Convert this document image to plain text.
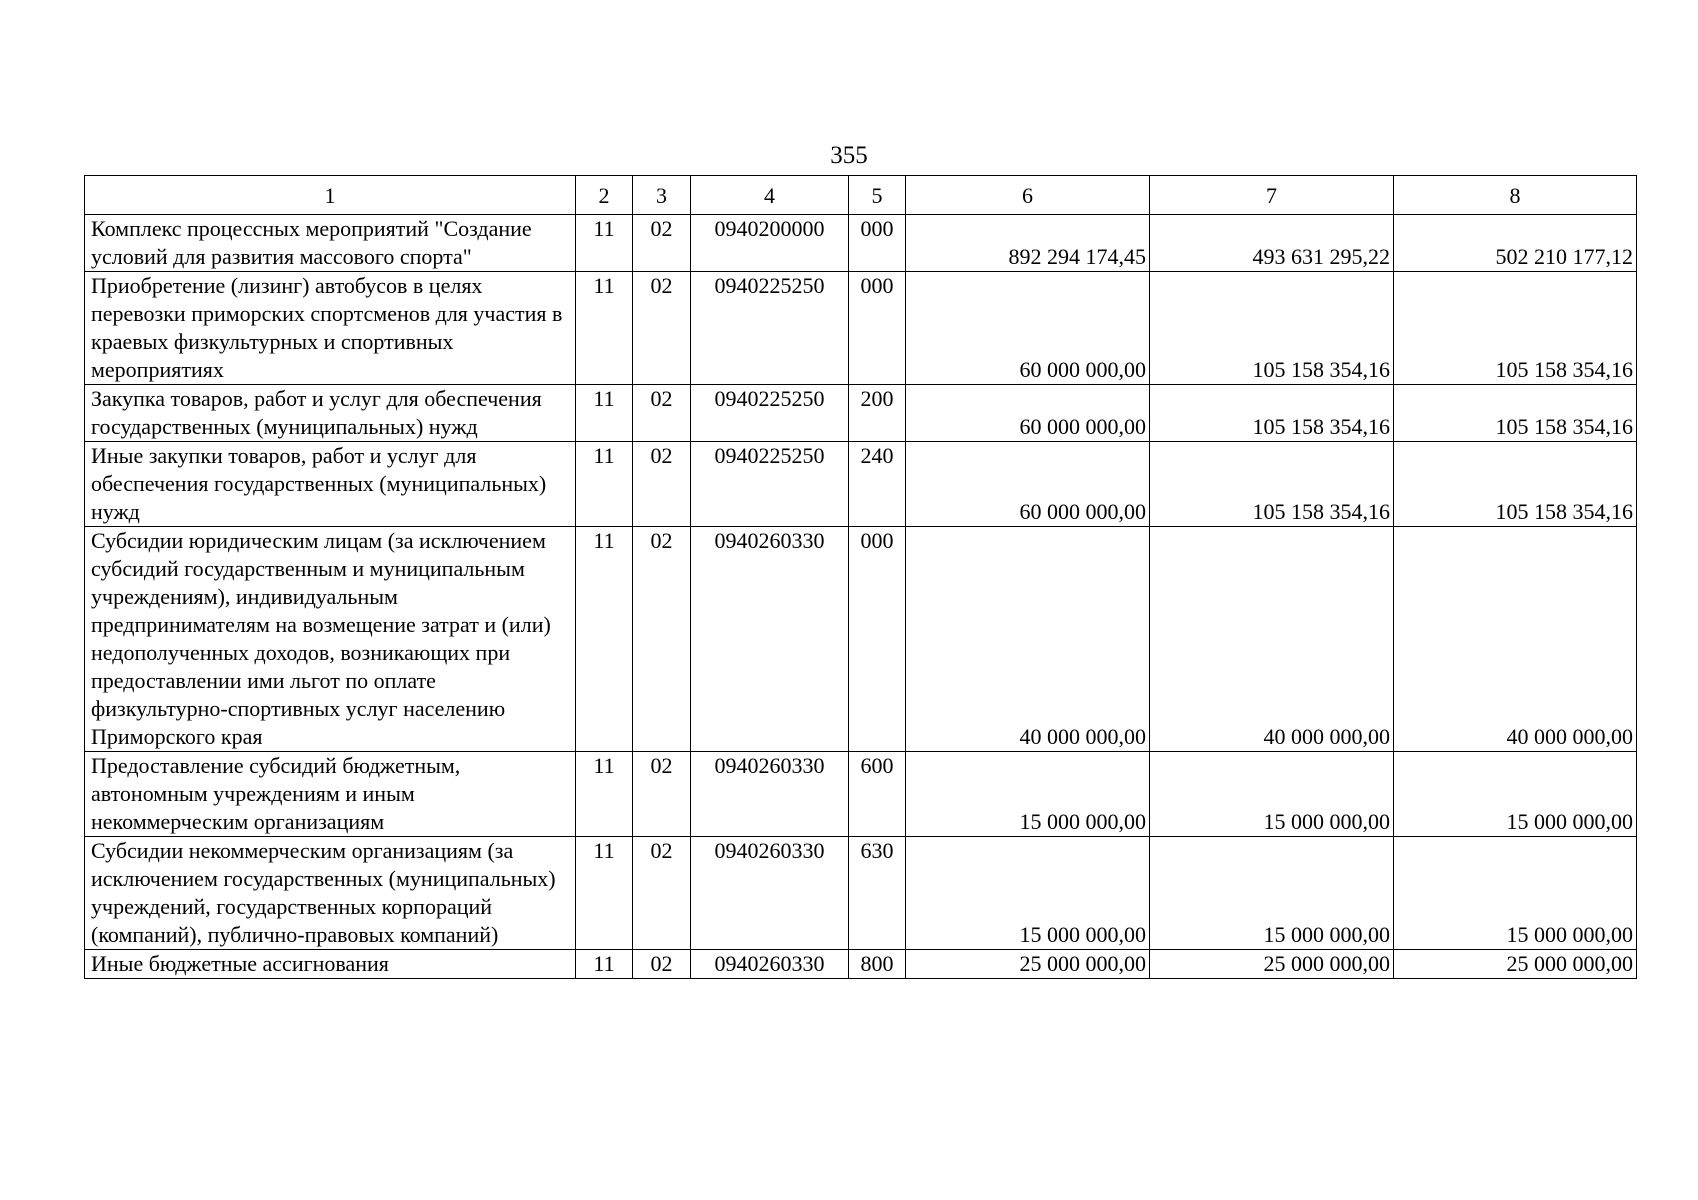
355
1	2	3	4	5	6	7	8
Комплекс процессных мероприятий "Создание условий для развития массового спорта"	11	02	0940200000	000	892 294 174,45	493 631 295,22	502 210 177,12
Приобретение (лизинг) автобусов в целях перевозки приморских спортсменов для участия в краевых физкультурных и спортивных мероприятиях	11	02	0940225250	000	60 000 000,00	105 158 354,16	105 158 354,16
Закупка товаров, работ и услуг для обеспечения государственных (муниципальных) нужд	11	02	0940225250	200	60 000 000,00	105 158 354,16	105 158 354,16
Иные закупки товаров, работ и услуг для обеспечения государственных (муниципальных) нужд	11	02	0940225250	240	60 000 000,00	105 158 354,16	105 158 354,16
Субсидии юридическим лицам (за исключением субсидий государственным и муниципальным учреждениям), индивидуальным предпринимателям на возмещение затрат и (или) недополученных доходов, возникающих при предоставлении ими льгот по оплате физкультурно-спортивных услуг населению Приморского края	11	02	0940260330	000	40 000 000,00	40 000 000,00	40 000 000,00
Предоставление субсидий бюджетным, автономным учреждениям и иным некоммерческим организациям	11	02	0940260330	600	15 000 000,00	15 000 000,00	15 000 000,00
Субсидии некоммерческим организациям (за исключением государственных (муниципальных) учреждений, государственных корпораций (компаний), публично-правовых компаний)	11	02	0940260330	630	15 000 000,00	15 000 000,00	15 000 000,00
Иные бюджетные ассигнования	11	02	0940260330	800	25 000 000,00	25 000 000,00	25 000 000,00
